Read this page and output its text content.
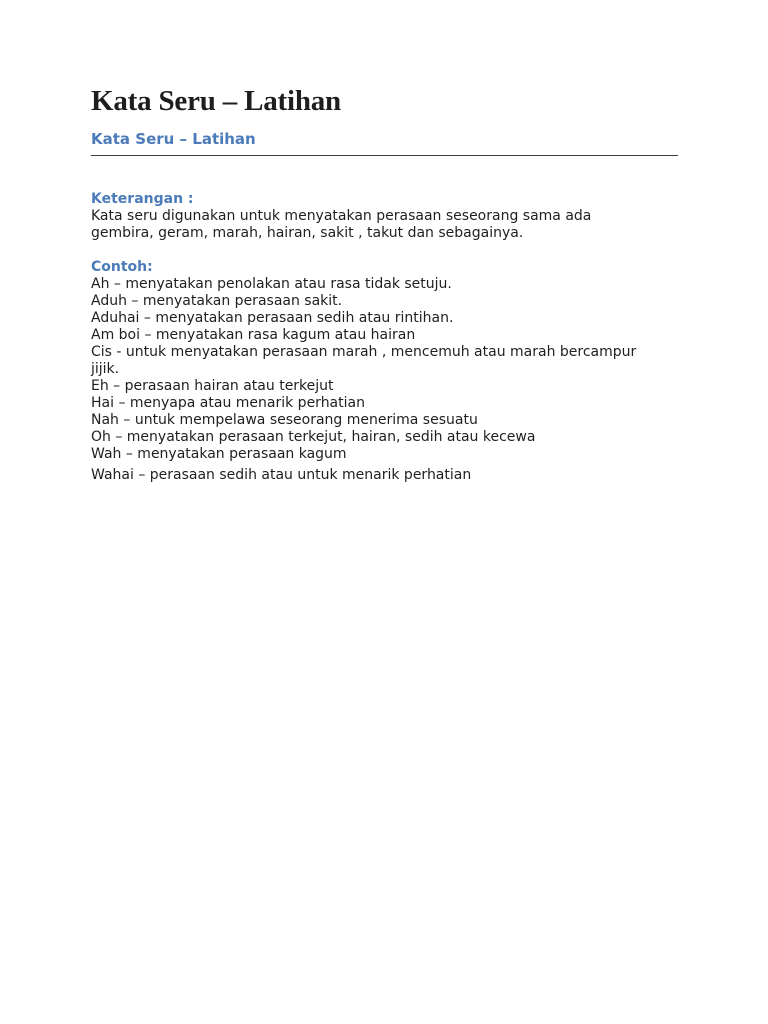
Kata Seru – Latihan
Kata Seru – Latihan
Keterangan :

Kata seru digunakan untuk menyatakan perasaan seseorang sama ada gembira, geram, marah, hairan, sakit , takut dan sebagainya.

Contoh:
Ah – menyatakan penolakan atau rasa tidak setuju.
Aduh – menyatakan perasaan sakit.
Aduhai – menyatakan perasaan sedih atau rintihan.
Am boi – menyatakan rasa kagum atau hairan
Cis - untuk menyatakan perasaan marah , mencemuh atau marah bercampur jijik.
Eh – perasaan hairan atau terkejut
Hai – menyapa atau menarik perhatian
Nah – untuk mempelawa seseorang menerima sesuatu
Oh – menyatakan perasaan terkejut, hairan, sedih atau kecewa
Wah – menyatakan perasaan kagum
Wahai – perasaan sedih atau untuk menarik perhatian
